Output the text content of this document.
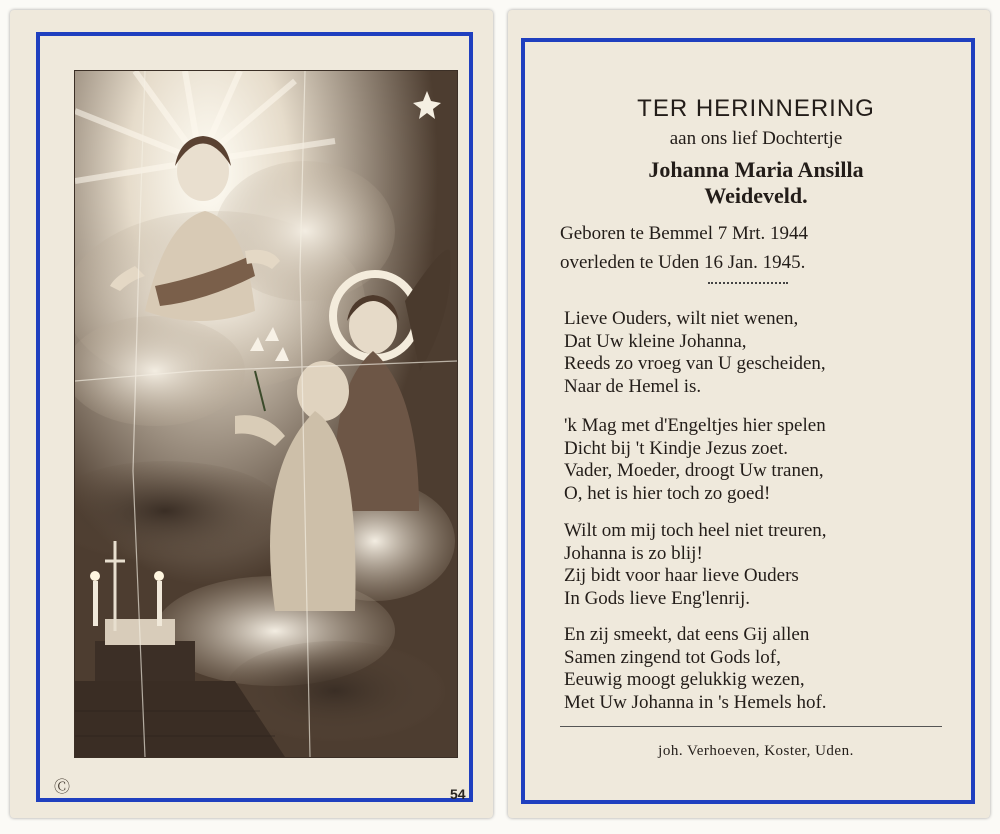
Ⓒ	54
TER HERINNERING
aan ons lief Dochtertje
Johanna Maria Ansilla
Weideveld.
Geboren te Bemmel 7 Mrt. 1944
overleden te Uden 16 Jan. 1945.
Lieve Ouders, wilt niet wenen,
Dat Uw kleine Johanna,
Reeds zo vroeg van U gescheiden,
Naar de Hemel is.
'k Mag met d'Engeltjes hier spelen
Dicht bij 't Kindje Jezus zoet.
Vader, Moeder, droogt Uw tranen,
O, het is hier toch zo goed!
Wilt om mij toch heel niet treuren,
Johanna is zo blij!
Zij bidt voor haar lieve Ouders
In Gods lieve Eng'lenrij.
En zij smeekt, dat eens Gij allen
Samen zingend tot Gods lof,
Eeuwig moogt gelukkig wezen,
Met Uw Johanna in 's Hemels hof.
joh. Verhoeven, Koster, Uden.
